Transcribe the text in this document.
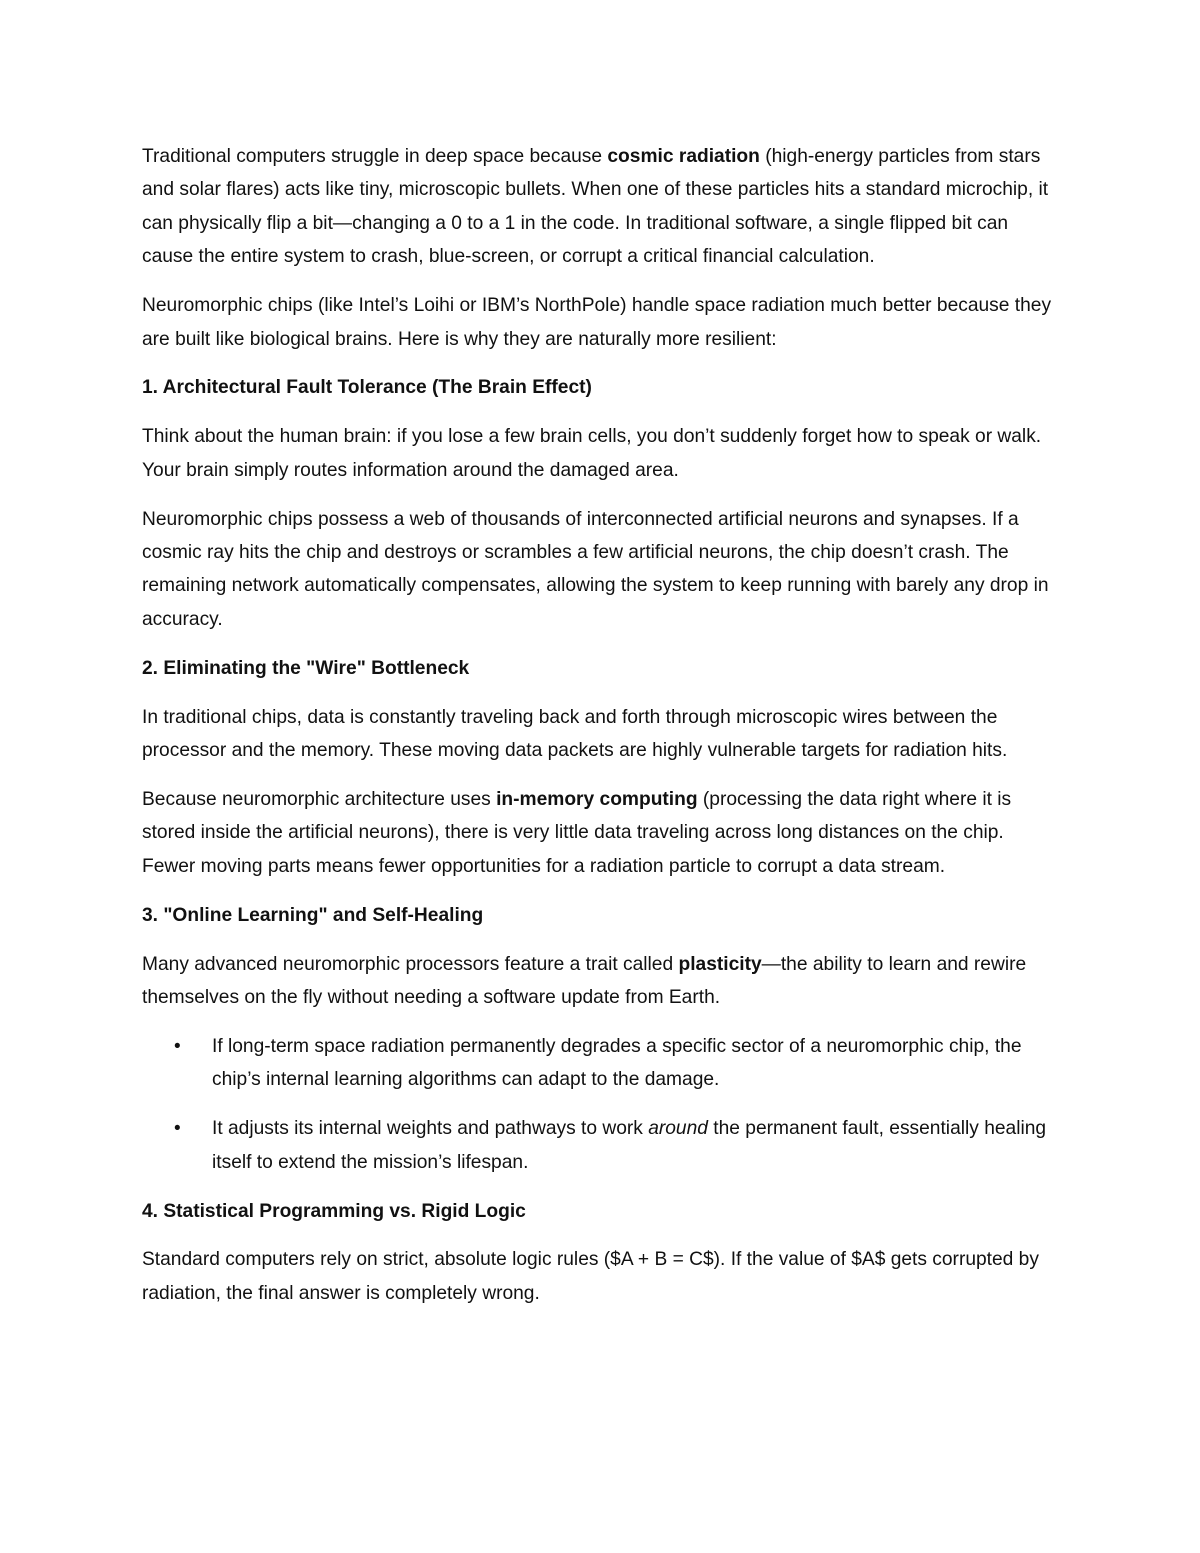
Traditional computers struggle in deep space because cosmic radiation (high-energy particles from stars and solar flares) acts like tiny, microscopic bullets. When one of these particles hits a standard microchip, it can physically flip a bit—changing a 0 to a 1 in the code. In traditional software, a single flipped bit can cause the entire system to crash, blue-screen, or corrupt a critical financial calculation.

Neuromorphic chips (like Intel’s Loihi or IBM’s NorthPole) handle space radiation much better because they are built like biological brains. Here is why they are naturally more resilient:

1. Architectural Fault Tolerance (The Brain Effect)

Think about the human brain: if you lose a few brain cells, you don’t suddenly forget how to speak or walk. Your brain simply routes information around the damaged area.

Neuromorphic chips possess a web of thousands of interconnected artificial neurons and synapses. If a cosmic ray hits the chip and destroys or scrambles a few artificial neurons, the chip doesn’t crash. The remaining network automatically compensates, allowing the system to keep running with barely any drop in accuracy.

2. Eliminating the "Wire" Bottleneck

In traditional chips, data is constantly traveling back and forth through microscopic wires between the processor and the memory. These moving data packets are highly vulnerable targets for radiation hits.

Because neuromorphic architecture uses in-memory computing (processing the data right where it is stored inside the artificial neurons), there is very little data traveling across long distances on the chip. Fewer moving parts means fewer opportunities for a radiation particle to corrupt a data stream.

3. "Online Learning" and Self-Healing

Many advanced neuromorphic processors feature a trait called plasticity—the ability to learn and rewire themselves on the fly without needing a software update from Earth.

• If long-term space radiation permanently degrades a specific sector of a neuromorphic chip, the chip’s internal learning algorithms can adapt to the damage.
• It adjusts its internal weights and pathways to work around the permanent fault, essentially healing itself to extend the mission’s lifespan.

4. Statistical Programming vs. Rigid Logic

Standard computers rely on strict, absolute logic rules ($A + B = C$). If the value of $A$ gets corrupted by radiation, the final answer is completely wrong.
